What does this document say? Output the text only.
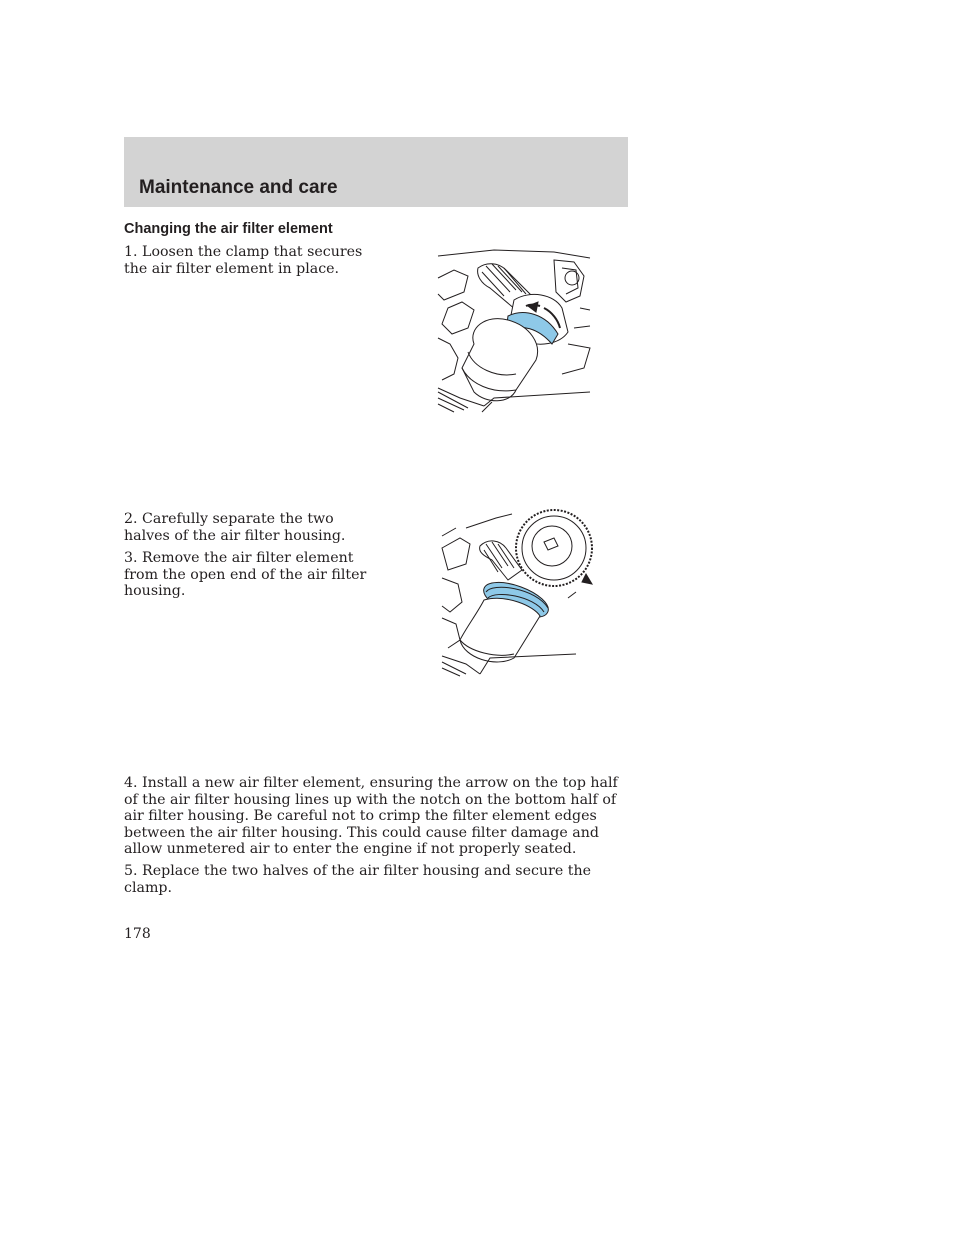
Maintenance and care
Changing the air filter element

1. Loosen the clamp that secures the air filter element in place.

2. Carefully separate the two halves of the air filter housing.

3. Remove the air filter element from the open end of the air filter housing.

4. Install a new air filter element, ensuring the arrow on the top half of the air filter housing lines up with the notch on the bottom half of air filter housing. Be careful not to crimp the filter element edges between the air filter housing. This could cause filter damage and allow unmetered air to enter the engine if not properly seated.

5. Replace the two halves of the air filter housing and secure the clamp.

178
